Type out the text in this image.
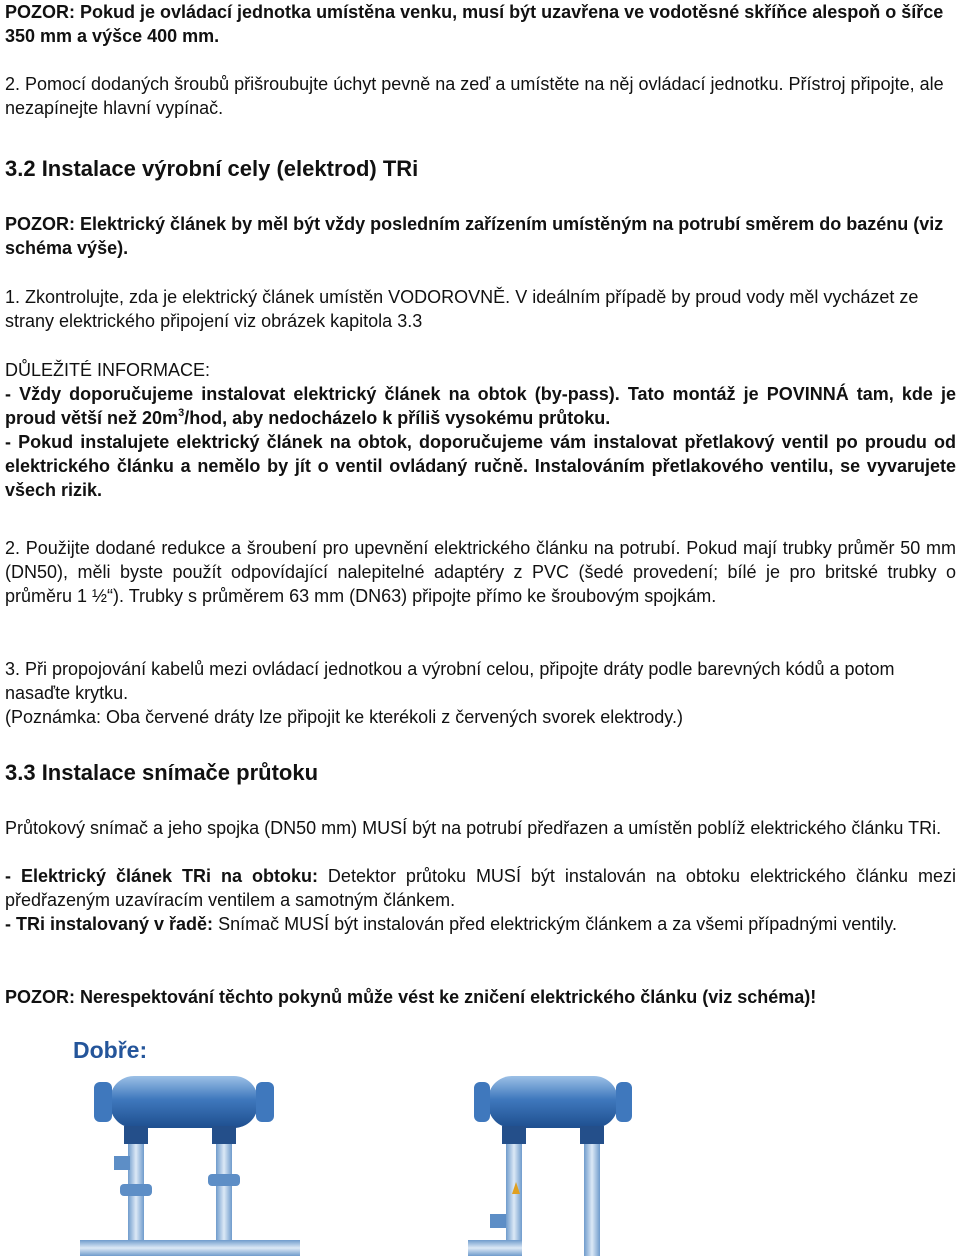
POZOR: Pokud je ovládací jednotka umístěna venku, musí být uzavřena ve vodotěsné skříňce alespoň o šířce 350 mm a výšce 400 mm.

2. Pomocí dodaných šroubů přišroubujte úchyt pevně na zeď a umístěte na něj ovládací jednotku. Přístroj připojte, ale nezapínejte hlavní vypínač.

3.2 Instalace výrobní cely (elektrod) TRi

POZOR: Elektrický článek by měl být vždy posledním zařízením umístěným na potrubí směrem do bazénu (viz schéma výše).

1. Zkontrolujte, zda je elektrický článek umístěn VODOROVNĚ. V ideálním případě by proud vody měl vycházet ze strany elektrického připojení viz obrázek kapitola 3.3

DŮLEŽITÉ INFORMACE:

- Vždy doporučujeme instalovat elektrický článek na obtok (by-pass). Tato montáž je POVINNÁ tam, kde je proud větší než $20m^3$/hod, aby nedocházelo k příliš vysokému průtoku.

- Pokud instalujete elektrický článek na obtok, doporučujeme vám instalovat přetlakový ventil po proudu od elektrického článku a nemělo by jít o ventil ovládaný ručně. Instalováním přetlakového ventilu, se vyvarujete všech rizik.

2. Použijte dodané redukce a šroubení pro upevnění elektrického článku na potrubí. Pokud mají trubky průměr 50 mm (DN50), měli byste použít odpovídající nalepitelné adaptéry z PVC (šedé provedení; bílé je pro britské trubky o průměru 1 ½“). Trubky s průměrem 63 mm (DN63) připojte přímo ke šroubovým spojkám.

3. Při propojování kabelů mezi ovládací jednotkou a výrobní celou, připojte dráty podle barevných kódů a potom nasaďte krytku.

(Poznámka: Oba červené dráty lze připojit ke kterékoli z červených svorek elektrody.)

3.3 Instalace snímače průtoku

Průtokový snímač a jeho spojka (DN50 mm) MUSÍ být na potrubí předřazen a umístěn poblíž elektrického článku TRi.

- Elektrický článek TRi na obtoku: Detektor průtoku MUSÍ být instalován na obtoku elektrického článku mezi předřazeným uzavíracím ventilem a samotným článkem.

- TRi instalovaný v řadě: Snímač MUSÍ být instalován před elektrickým článkem a za všemi případnými ventily.

POZOR: Nerespektování těchto pokynů může vést ke zničení elektrického článku (viz schéma)!

Dobře:
